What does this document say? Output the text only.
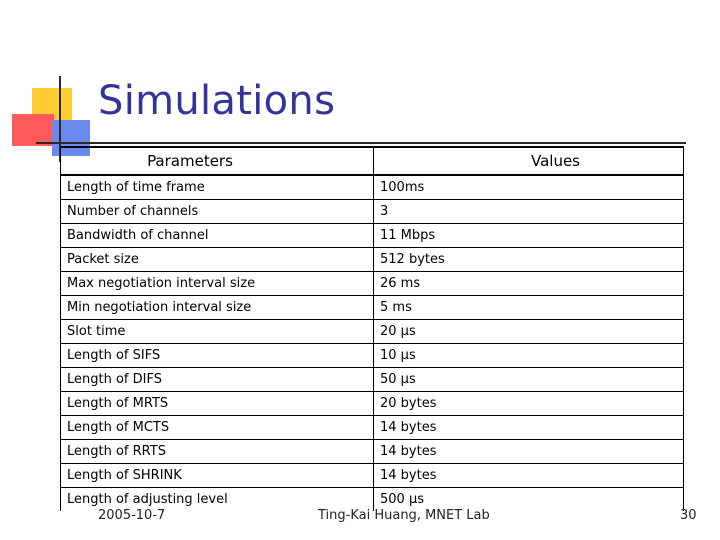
Simulations
Parameters	Values
Length of time frame	100ms
Number of channels	3
Bandwidth of channel	11 Mbps
Packet size	512 bytes
Max negotiation interval size	26 ms
Min negotiation interval size	5 ms
Slot time	20 µs
Length of SIFS	10 µs
Length of DIFS	50 µs
Length of MRTS	20 bytes
Length of MCTS	14 bytes
Length of RRTS	14 bytes
Length of SHRINK	14 bytes
Length of adjusting level	500 µs
2005-10-7	Ting-Kai Huang, MNET Lab	30
